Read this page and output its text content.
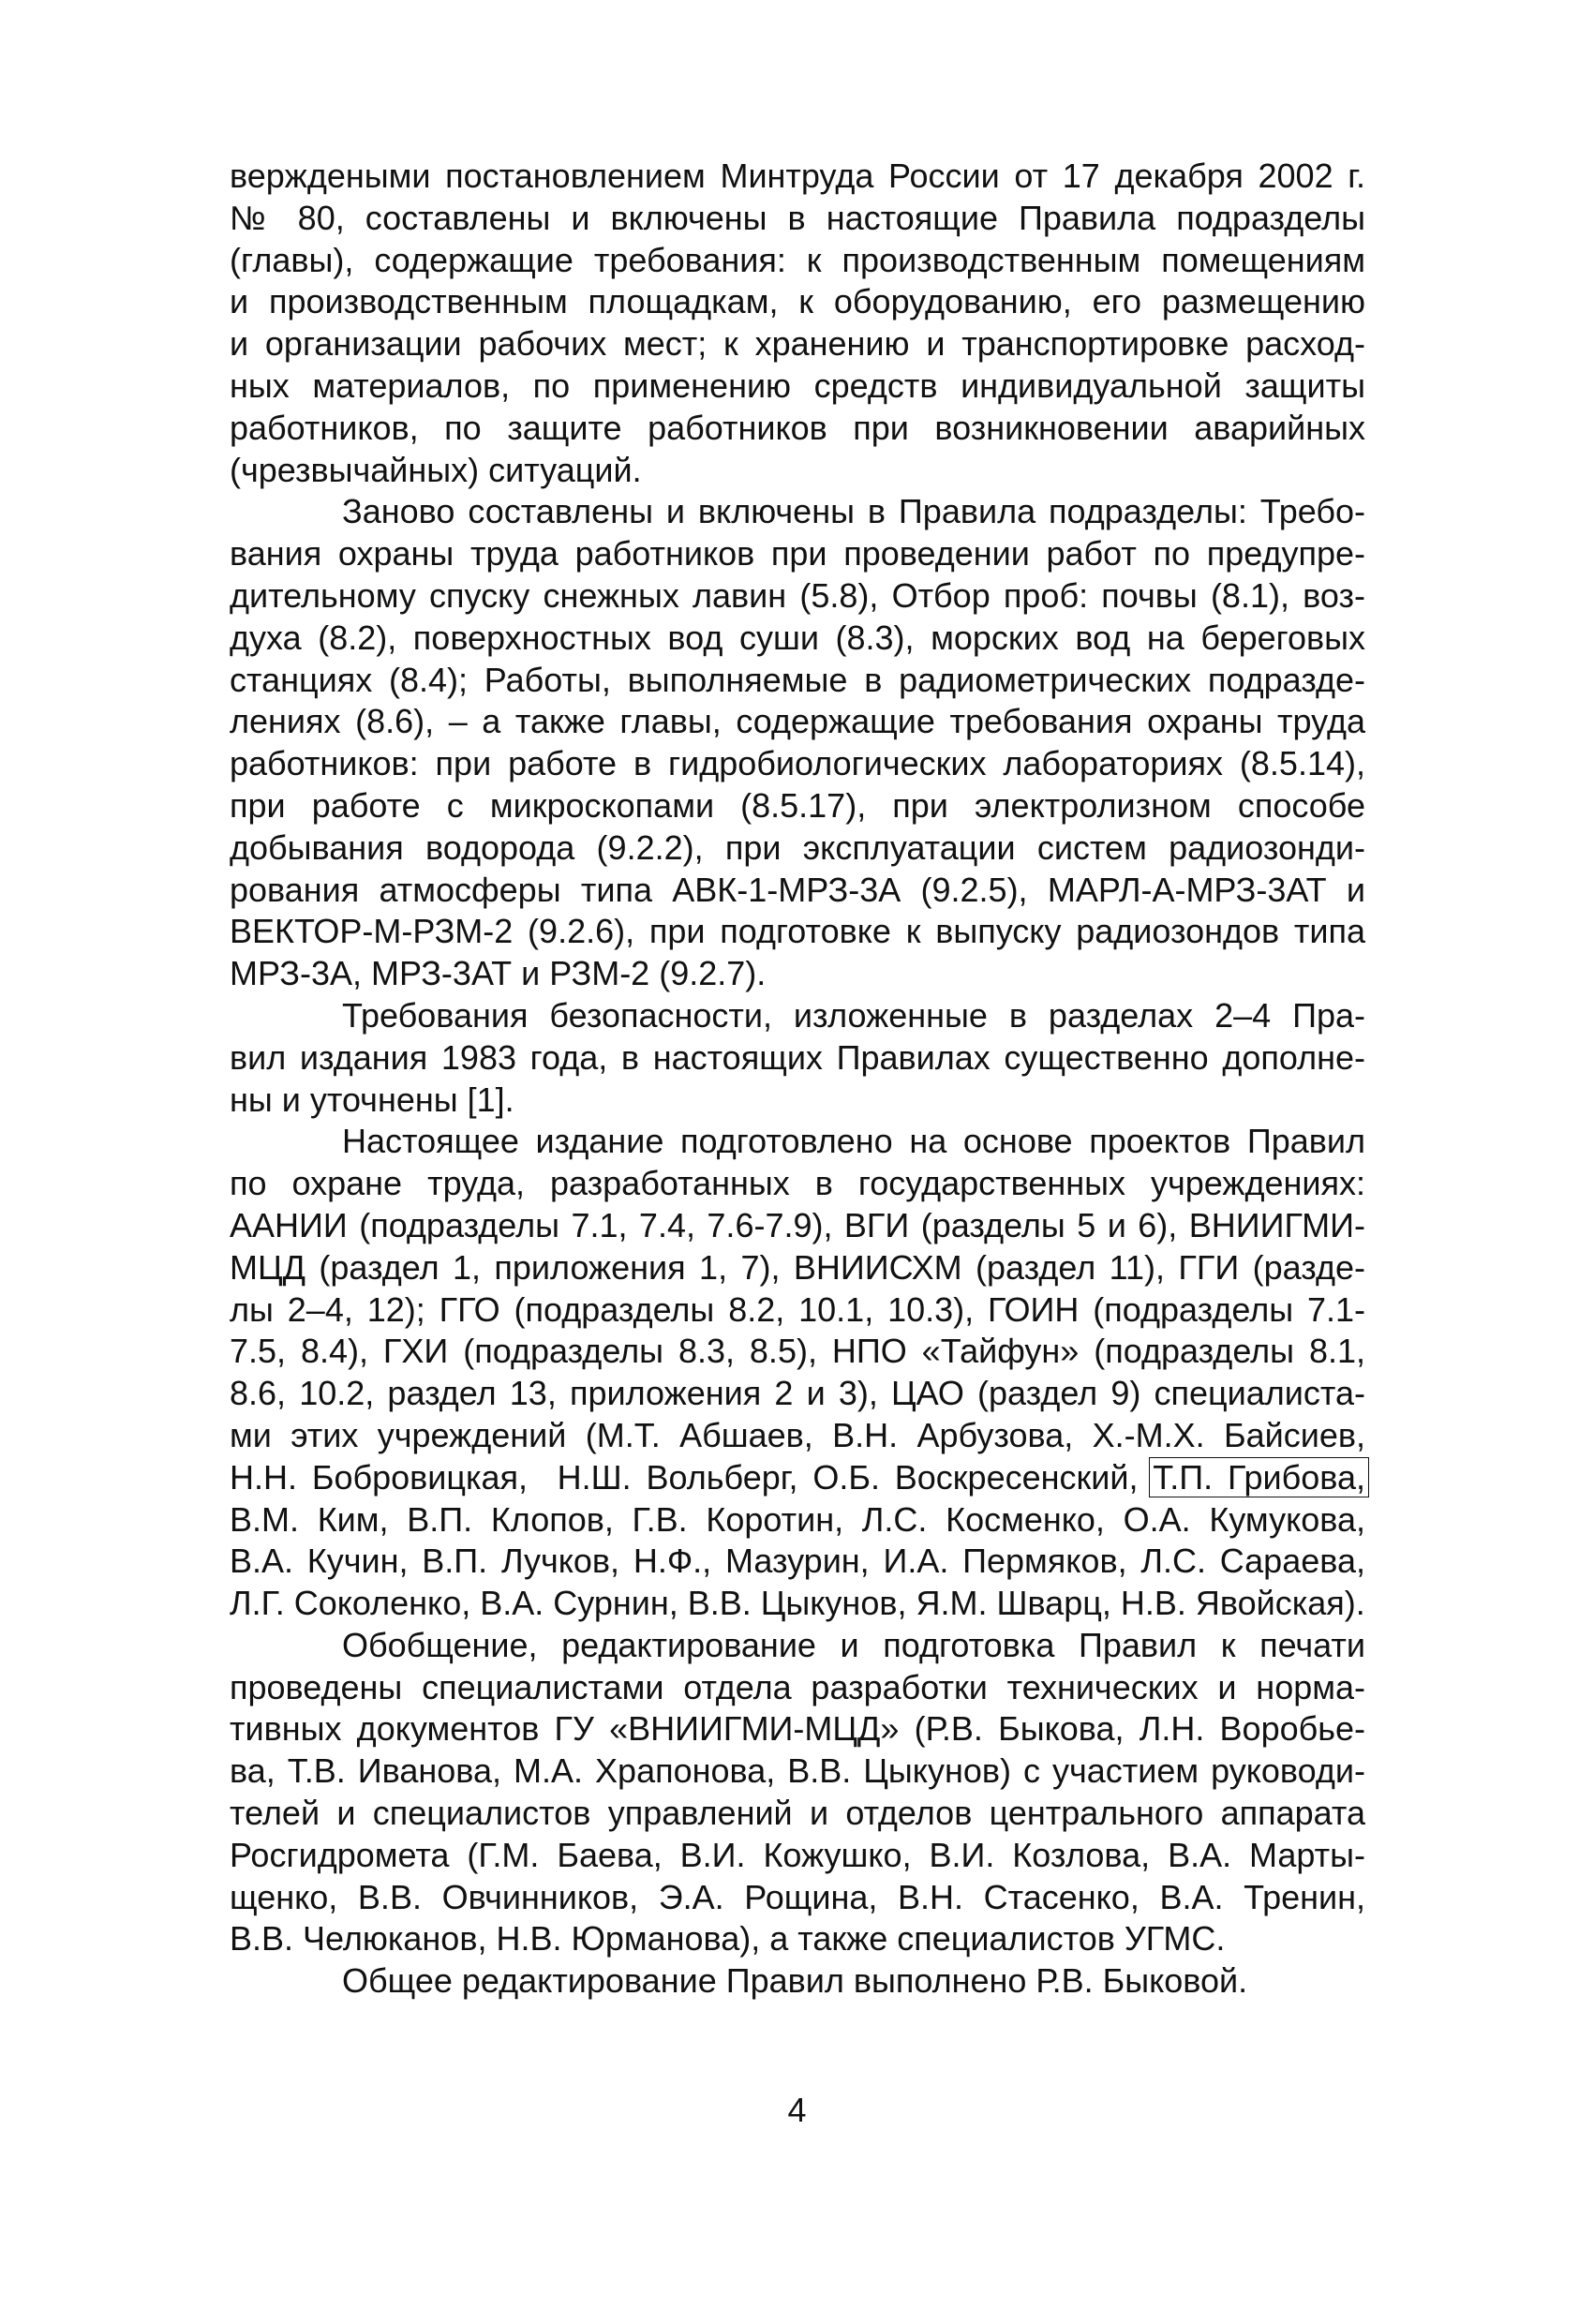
верждеными постановлением Минтруда России от 17 декабря 2002 г.
№ 80, составлены и включены в настоящие Правила подразделы
(главы), содержащие требования: к производственным помещениям
и производственным площадкам, к оборудованию, его размещению
и организации рабочих мест; к хранению и транспортировке расход-
ных материалов, по применению средств индивидуальной защиты
работников, по защите работников при возникновении аварийных
(чрезвычайных) ситуаций.

Заново составлены и включены в Правила подразделы: Требо-
вания охраны труда работников при проведении работ по предупре-
дительному спуску снежных лавин (5.8), Отбор проб: почвы (8.1), воз-
духа (8.2), поверхностных вод суши (8.3), морских вод на береговых
станциях (8.4); Работы, выполняемые в радиометрических подразде-
лениях (8.6), – а также главы, содержащие требования охраны труда
работников: при работе в гидробиологических лабораториях (8.5.14),
при работе с микроскопами (8.5.17), при электролизном способе
добывания водорода (9.2.2), при эксплуатации систем радиозонди-
рования атмосферы типа АВК-1-МРЗ-3А (9.2.5), МАРЛ-А-МРЗ-3АТ и
ВЕКТОР-М-РЗМ-2 (9.2.6), при подготовке к выпуску радиозондов типа
МРЗ-3А, МРЗ-3АТ и РЗМ-2 (9.2.7).

Требования безопасности, изложенные в разделах 2–4 Пра-
вил издания 1983 года, в настоящих Правилах существенно дополне-
ны и уточнены [1].

Настоящее издание подготовлено на основе проектов Правил
по охране труда, разработанных в государственных учреждениях:
ААНИИ (подразделы 7.1, 7.4, 7.6-7.9), ВГИ (разделы 5 и 6), ВНИИГМИ-
МЦД (раздел 1, приложения 1, 7), ВНИИСХМ (раздел 11), ГГИ (разде-
лы 2–4, 12); ГГО (подразделы 8.2, 10.1, 10.3), ГОИН (подразделы 7.1-
7.5, 8.4), ГХИ (подразделы 8.3, 8.5), НПО «Тайфун» (подразделы 8.1,
8.6, 10.2, раздел 13, приложения 2 и 3), ЦАО (раздел 9) специалиста-
ми этих учреждений (М.Т. Абшаев, В.Н. Арбузова, Х.-М.Х. Байсиев,
Н.Н. Бобровицкая,  Н.Ш. Вольберг, О.Б. Воскресенский, Т.П. Грибова,
В.М. Ким, В.П. Клопов, Г.В. Коротин, Л.С. Косменко, О.А. Кумукова,
В.А. Кучин, В.П. Лучков, Н.Ф., Мазурин, И.А. Пермяков, Л.С. Сараева,
Л.Г. Соколенко, В.А. Сурнин, В.В. Цыкунов, Я.М. Шварц, Н.В. Явойская).

Обобщение, редактирование и подготовка Правил к печати
проведены специалистами отдела разработки технических и норма-
тивных документов ГУ «ВНИИГМИ-МЦД» (Р.В. Быкова, Л.Н. Воробье-
ва, Т.В. Иванова, М.А. Храпонова, В.В. Цыкунов) с участием руководи-
телей и специалистов управлений и отделов центрального аппарата
Росгидромета (Г.М. Баева, В.И. Кожушко, В.И. Козлова, В.А. Марты-
щенко, В.В. Овчинников, Э.А. Рощина, В.Н. Стасенко, В.А. Тренин,
В.В. Челюканов, Н.В. Юрманова), а также специалистов УГМС.

Общее редактирование Правил выполнено Р.В. Быковой.

4
